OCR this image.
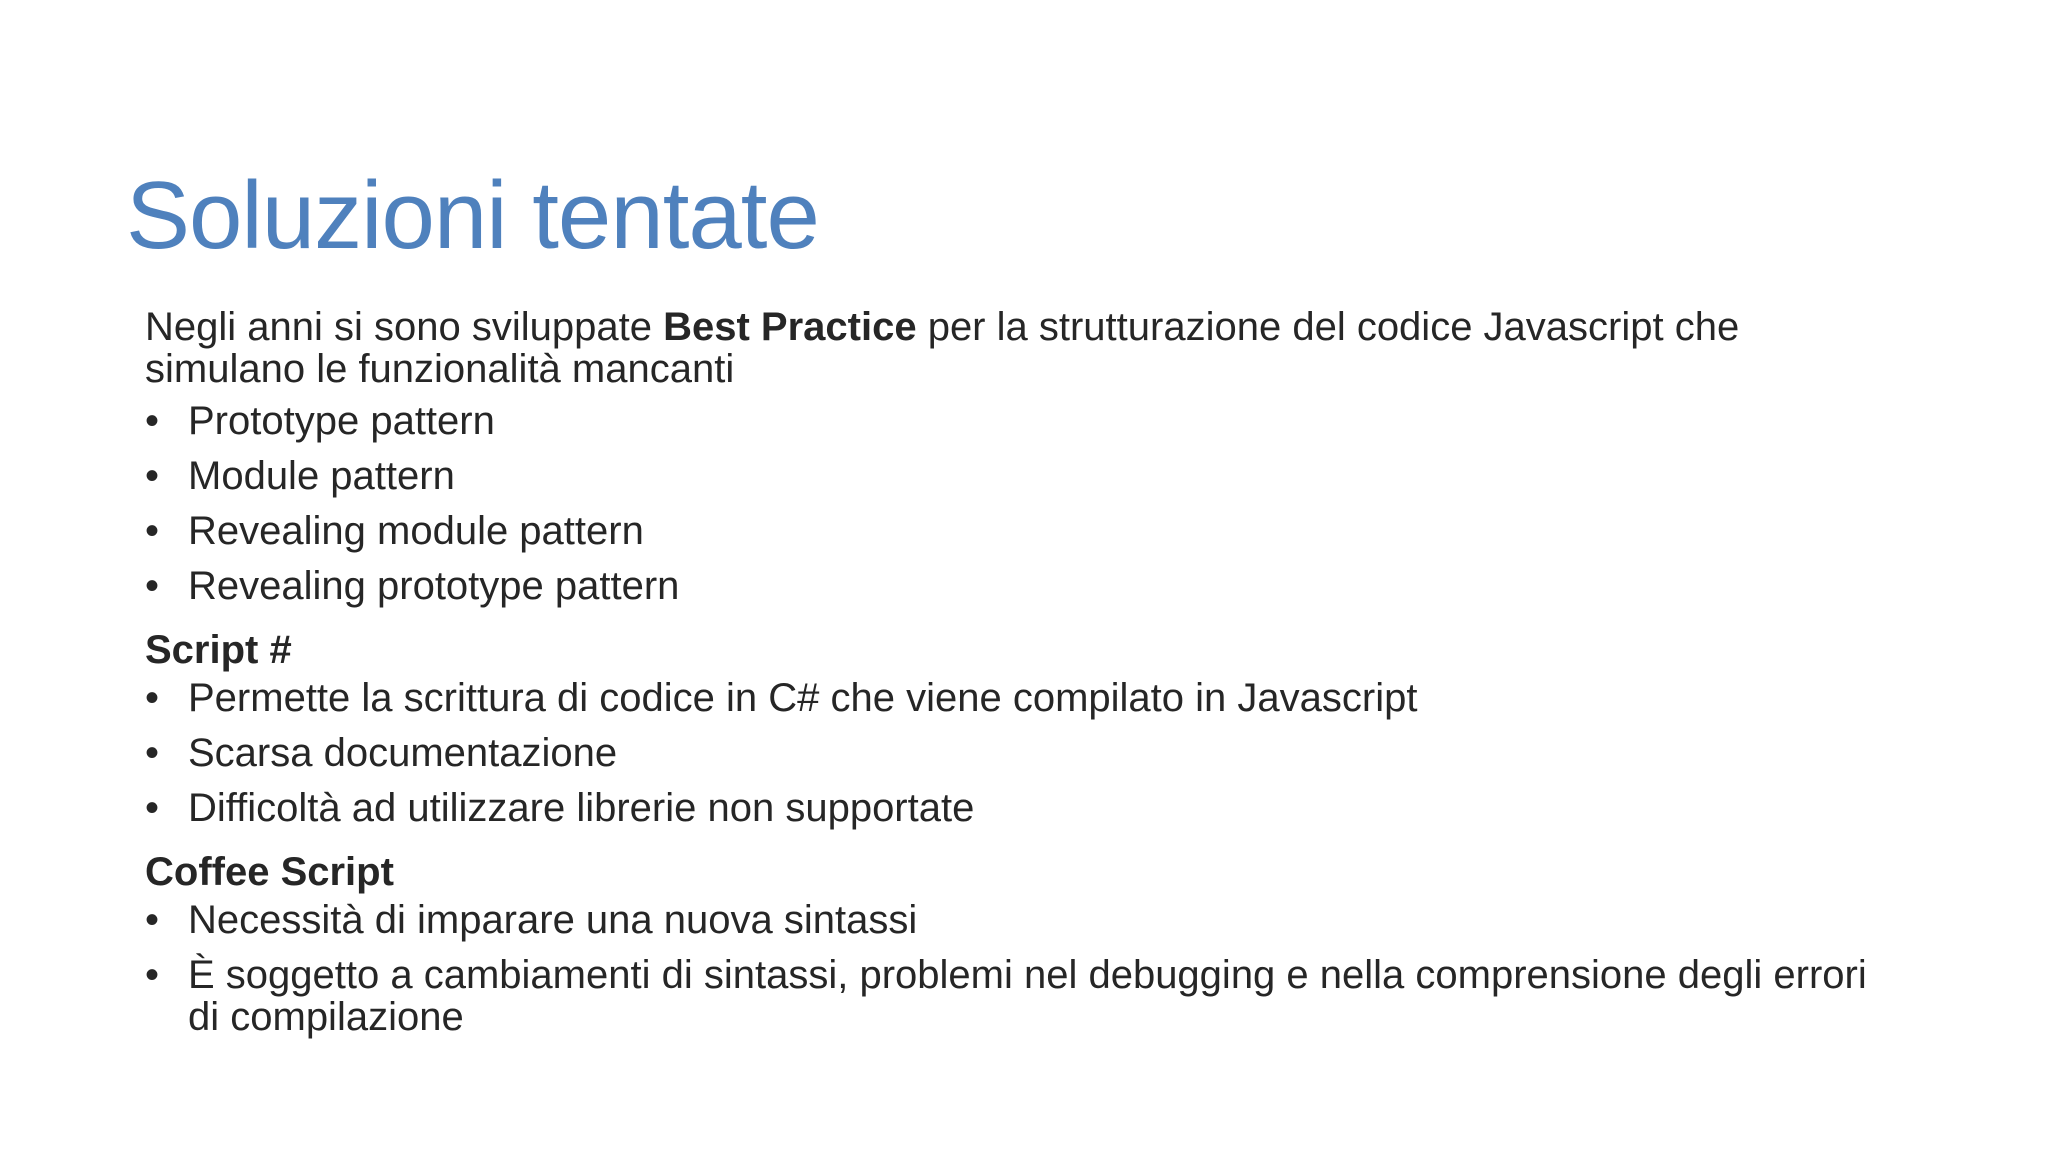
Soluzioni tentate

Negli anni si sono sviluppate Best Practice per la strutturazione del codice Javascript che simulano le funzionalità mancanti

• Prototype pattern
• Module pattern
• Revealing module pattern
• Revealing prototype pattern

Script #

• Permette la scrittura di codice in C# che viene compilato in Javascript
• Scarsa documentazione
• Difficoltà ad utilizzare librerie non supportate

Coffee Script

• Necessità di imparare una nuova sintassi
• È soggetto a cambiamenti di sintassi, problemi nel debugging e nella comprensione degli errori di compilazione
